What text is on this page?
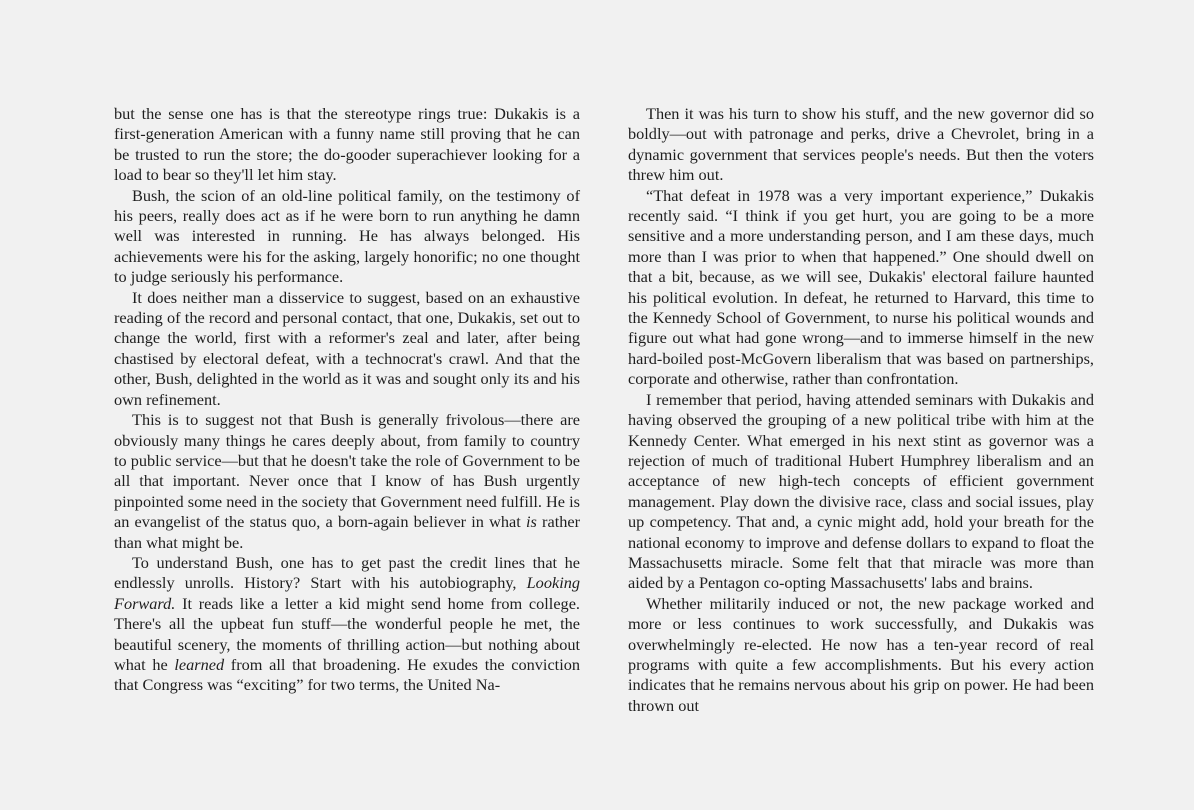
but the sense one has is that the stereotype rings true: Dukakis is a first-generation American with a funny name still proving that he can be trusted to run the store; the do-gooder superachiever looking for a load to bear so they'll let him stay.

Bush, the scion of an old-line political family, on the testimony of his peers, really does act as if he were born to run anything he damn well was interested in running. He has always belonged. His achievements were his for the asking, largely honorific; no one thought to judge seriously his performance.

It does neither man a disservice to suggest, based on an exhaustive reading of the record and personal contact, that one, Dukakis, set out to change the world, first with a reformer's zeal and later, after being chastised by electoral defeat, with a technocrat's crawl. And that the other, Bush, delighted in the world as it was and sought only its and his own refinement.

This is to suggest not that Bush is generally frivolous—there are obviously many things he cares deeply about, from family to country to public service—but that he doesn't take the role of Government to be all that important. Never once that I know of has Bush urgently pinpointed some need in the society that Government need fulfill. He is an evangelist of the status quo, a born-again believer in what is rather than what might be.

To understand Bush, one has to get past the credit lines that he endlessly unrolls. History? Start with his autobiography, Looking Forward. It reads like a letter a kid might send home from college. There's all the upbeat fun stuff—the wonderful people he met, the beautiful scenery, the moments of thrilling action—but nothing about what he learned from all that broadening. He exudes the conviction that Congress was “exciting” for two terms, the United Na-

Then it was his turn to show his stuff, and the new governor did so boldly—out with patronage and perks, drive a Chevrolet, bring in a dynamic government that services people's needs. But then the voters threw him out.

“That defeat in 1978 was a very important experience,” Dukakis recently said. “I think if you get hurt, you are going to be a more sensitive and a more understanding person, and I am these days, much more than I was prior to when that happened.” One should dwell on that a bit, because, as we will see, Dukakis' electoral failure haunted his political evolution. In defeat, he returned to Harvard, this time to the Kennedy School of Government, to nurse his political wounds and figure out what had gone wrong—and to immerse himself in the new hard-boiled post-McGovern liberalism that was based on partnerships, corporate and otherwise, rather than confrontation.

I remember that period, having attended seminars with Dukakis and having observed the grouping of a new political tribe with him at the Kennedy Center. What emerged in his next stint as governor was a rejection of much of traditional Hubert Humphrey liberalism and an acceptance of new high-tech concepts of efficient government management. Play down the divisive race, class and social issues, play up competency. That and, a cynic might add, hold your breath for the national economy to improve and defense dollars to expand to float the Massachusetts miracle. Some felt that that miracle was more than aided by a Pentagon co-opting Massachusetts' labs and brains.

Whether militarily induced or not, the new package worked and more or less continues to work successfully, and Dukakis was overwhelmingly re-elected. He now has a ten-year record of real programs with quite a few accomplishments. But his every action indicates that he remains nervous about his grip on power. He had been thrown out
